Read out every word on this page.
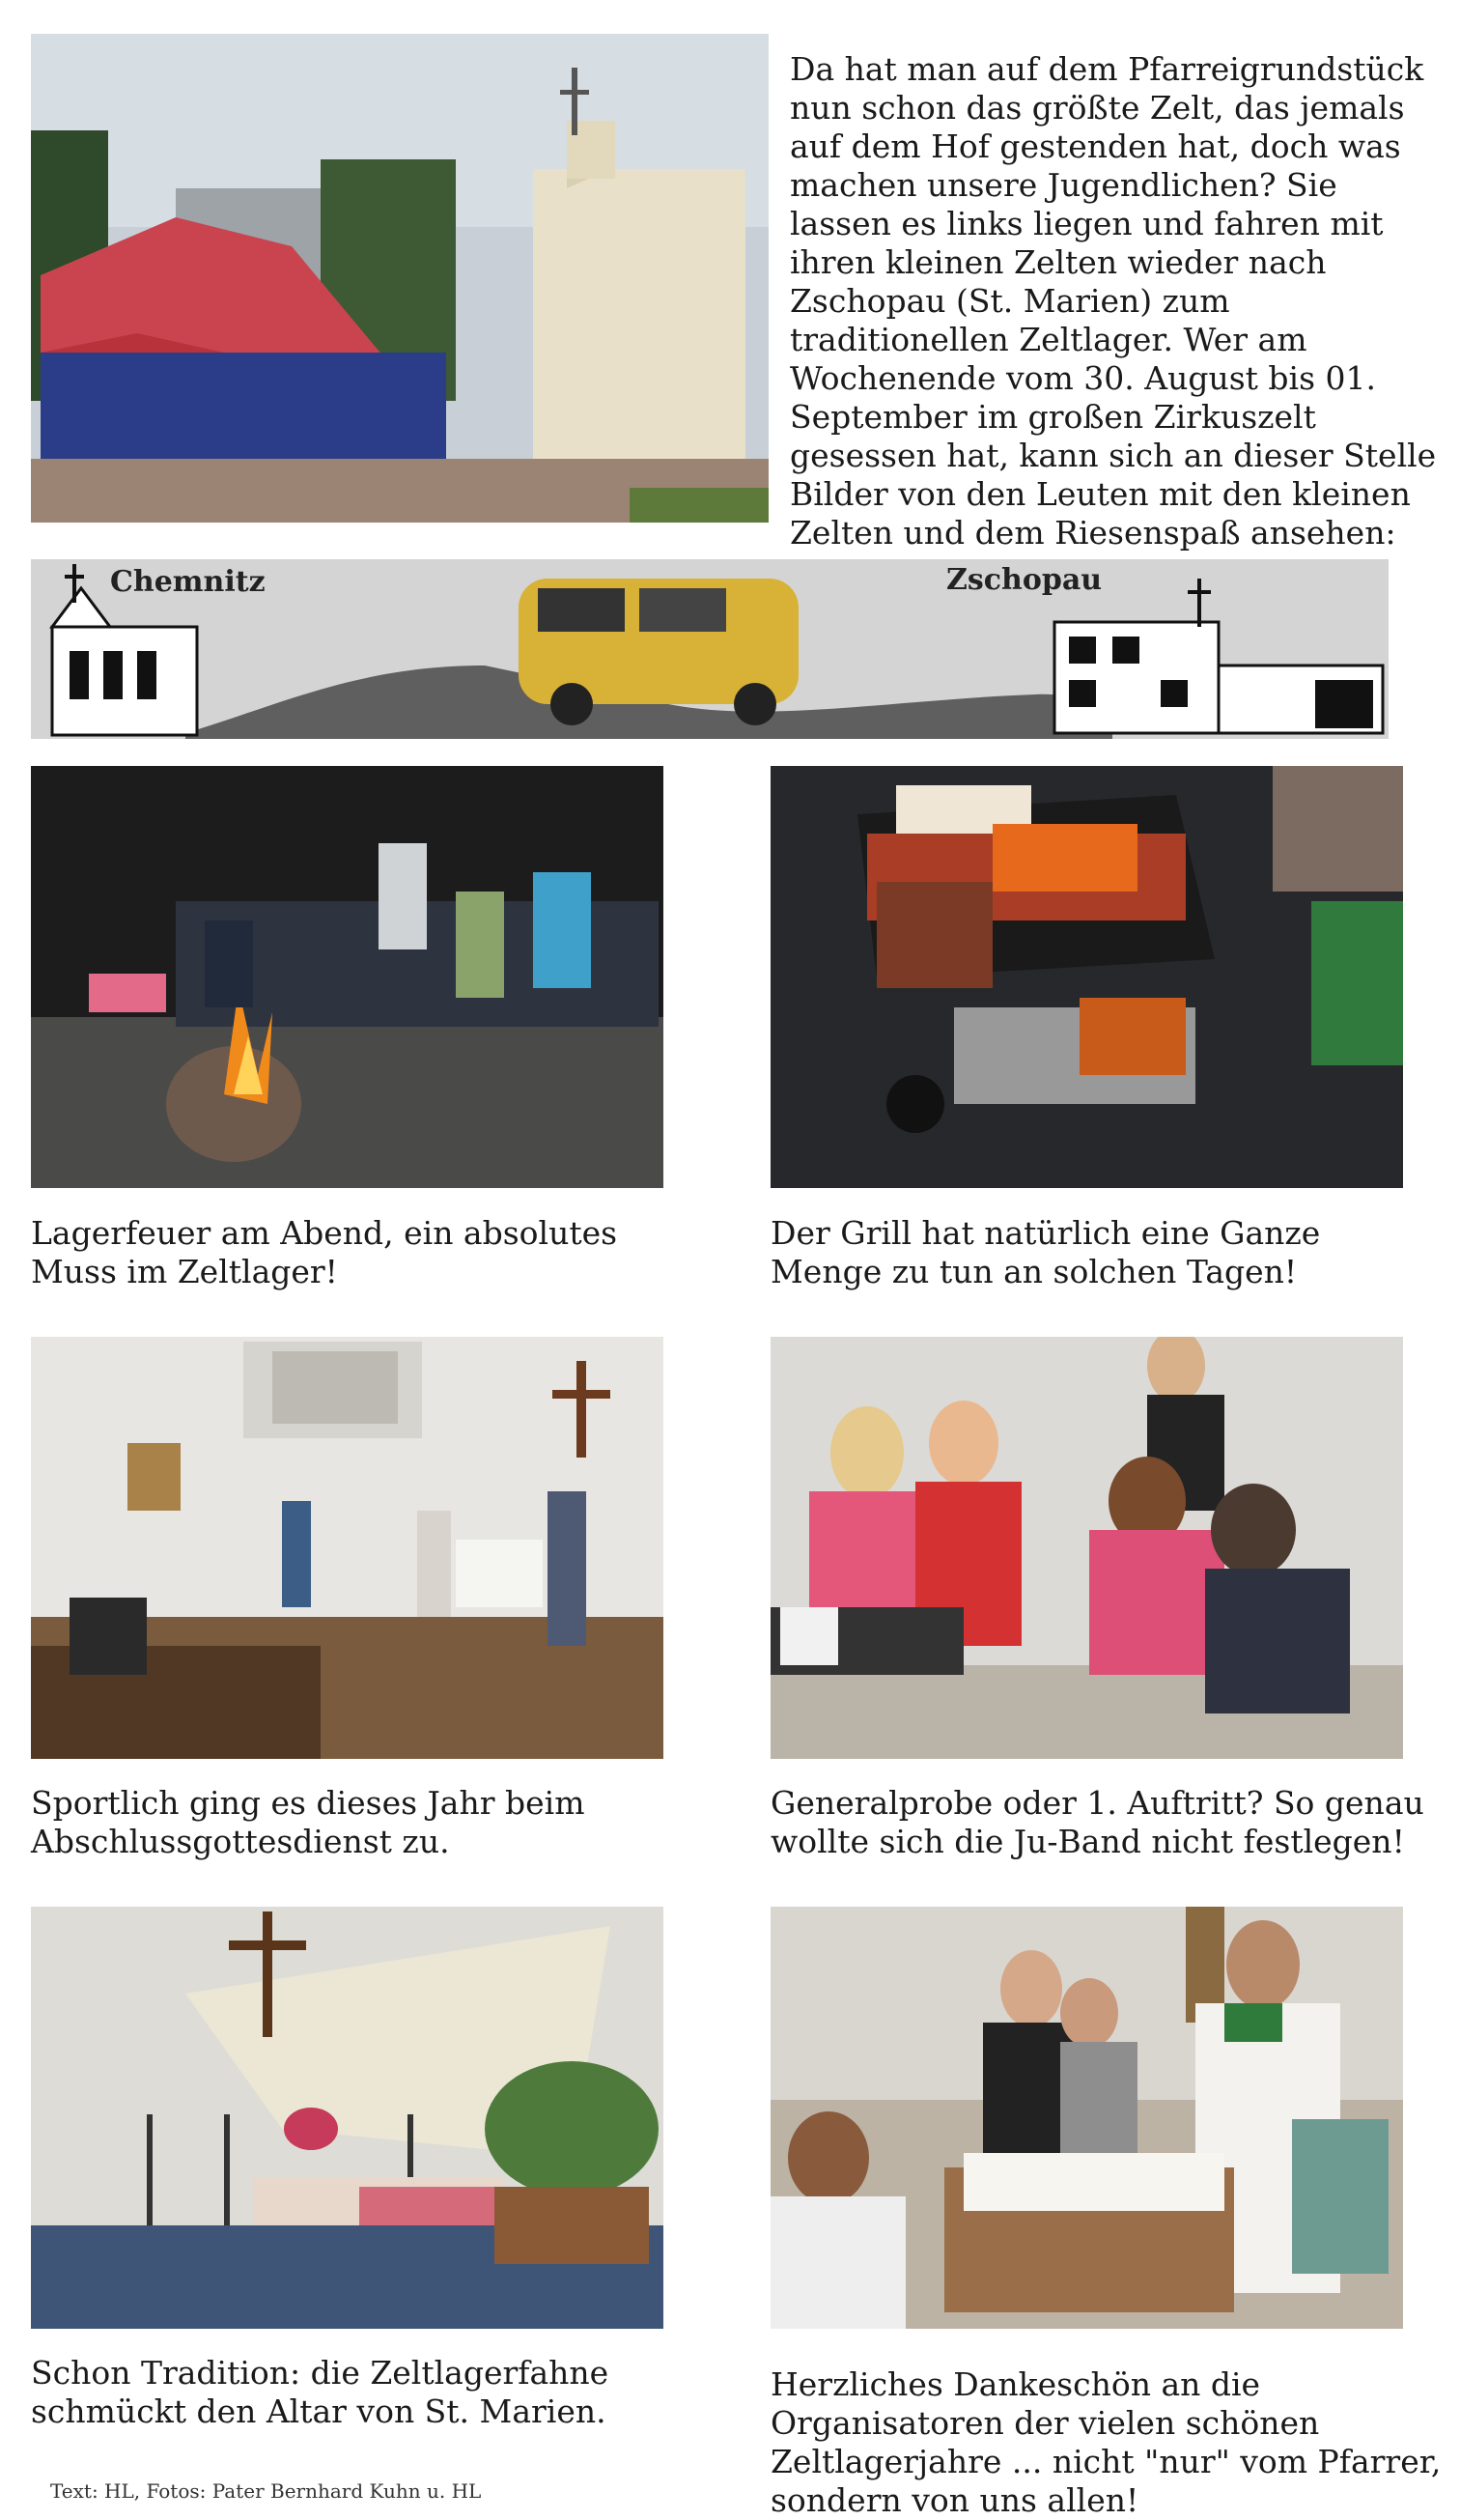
Da hat man auf dem Pfarreigrundstück nun schon das größte Zelt, das jemals auf dem Hof gestenden hat, doch was machen unsere Jugendlichen? Sie lassen es links liegen und fahren mit ihren kleinen Zelten wieder nach Zschopau (St. Marien) zum traditionellen Zeltlager. Wer am Wochenende vom 30. August bis 01. September im großen Zirkuszelt gesessen hat, kann sich an dieser Stelle Bilder von den Leuten mit den kleinen Zelten und dem Riesenspaß ansehen:
Chemnitz	Zschopau
Lagerfeuer am Abend, ein absolutes Muss im Zeltlager!
Der Grill hat natürlich eine Ganze Menge zu tun an solchen Tagen!
Sportlich ging es dieses Jahr beim Abschlussgottesdienst zu.
Generalprobe oder 1. Auftritt? So genau wollte sich die Ju-Band nicht festlegen!
Schon Tradition: die Zeltlagerfahne schmückt den Altar von St. Marien.
Herzliches Dankeschön an die Organisatoren der vielen schönen Zeltlagerjahre ... nicht "nur" vom Pfarrer, sondern von uns allen!
Text: HL, Fotos: Pater Bernhard Kuhn u. HL
